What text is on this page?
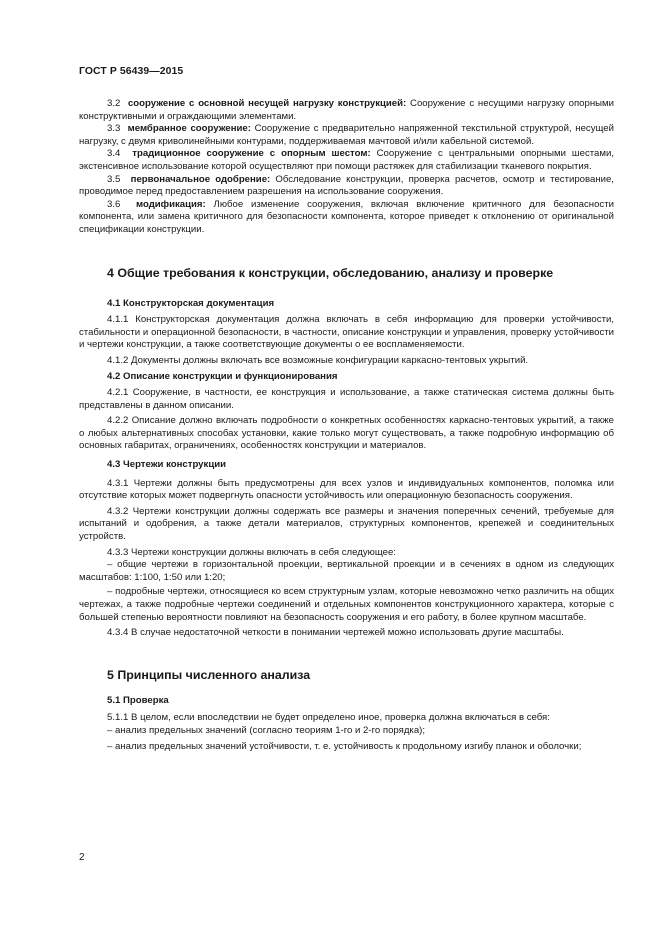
ГОСТ Р 56439—2015

3.2 сооружение с основной несущей нагрузку конструкцией: Сооружение с несущими нагрузку опорными конструктивными и ограждающими элементами.

3.3 мембранное сооружение: Сооружение с предварительно напряженной текстильной структурой, несущей нагрузку, с двумя криволинейными контурами, поддерживаемая мачтовой и/или кабельной системой.

3.4 традиционное сооружение с опорным шестом: Сооружение с центральными опорными шестами, экстенсивное использование которой осуществляют при помощи растяжек для стабилизации тканевого покрытия.

3.5 первоначальное одобрение: Обследование конструкции, проверка расчетов, осмотр и тестирование, проводимое перед предоставлением разрешения на использование сооружения.

3.6 модификация: Любое изменение сооружения, включая включение критичного для безопасности компонента, или замена критичного для безопасности компонента, которое приведет к отклонению от оригинальной спецификации конструкции.

4 Общие требования к конструкции, обследованию, анализу и проверке

4.1 Конструкторская документация

4.1.1 Конструкторская документация должна включать в себя информацию для проверки устойчивости, стабильности и операционной безопасности, в частности, описание конструкции и управления, проверку устойчивости и чертежи конструкции, а также соответствующие документы о ее воспламеняемости.

4.1.2 Документы должны включать все возможные конфигурации каркасно-тентовых укрытий.

4.2 Описание конструкции и функционирования

4.2.1 Сооружение, в частности, ее конструкция и использование, а также статическая система должны быть представлены в данном описании.

4.2.2 Описание должно включать подробности о конкретных особенностях каркасно-тентовых укрытий, а также о любых альтернативных способах установки, какие только могут существовать, а также подробную информацию об основных габаритах, ограничениях, особенностях конструкции и материалов.

4.3 Чертежи конструкции

4.3.1 Чертежи должны быть предусмотрены для всех узлов и индивидуальных компонентов, поломка или отсутствие которых может подвергнуть опасности устойчивость или операционную безопасность сооружения.

4.3.2 Чертежи конструкции должны содержать все размеры и значения поперечных сечений, требуемые для испытаний и одобрения, а также детали материалов, структурных компонентов, крепежей и соединительных устройств.

4.3.3 Чертежи конструкции должны включать в себя следующее:

– общие чертежи в горизонтальной проекции, вертикальной проекции и в сечениях в одном из следующих масштабов: 1:100, 1:50 или 1:20;

– подробные чертежи, относящиеся ко всем структурным узлам, которые невозможно четко различить на общих чертежах, а также подробные чертежи соединений и отдельных компонентов конструкционного характера, которые с большей степенью вероятности повлияют на безопасность сооружения и его работу, в более крупном масштабе.

4.3.4 В случае недостаточной четкости в понимании чертежей можно использовать другие масштабы.

5 Принципы численного анализа

5.1 Проверка

5.1.1 В целом, если впоследствии не будет определено иное, проверка должна включаться в себя:

– анализ предельных значений (согласно теориям 1-го и 2-го порядка);

– анализ предельных значений устойчивости, т. е. устойчивость к продольному изгибу планок и оболочки;

2
